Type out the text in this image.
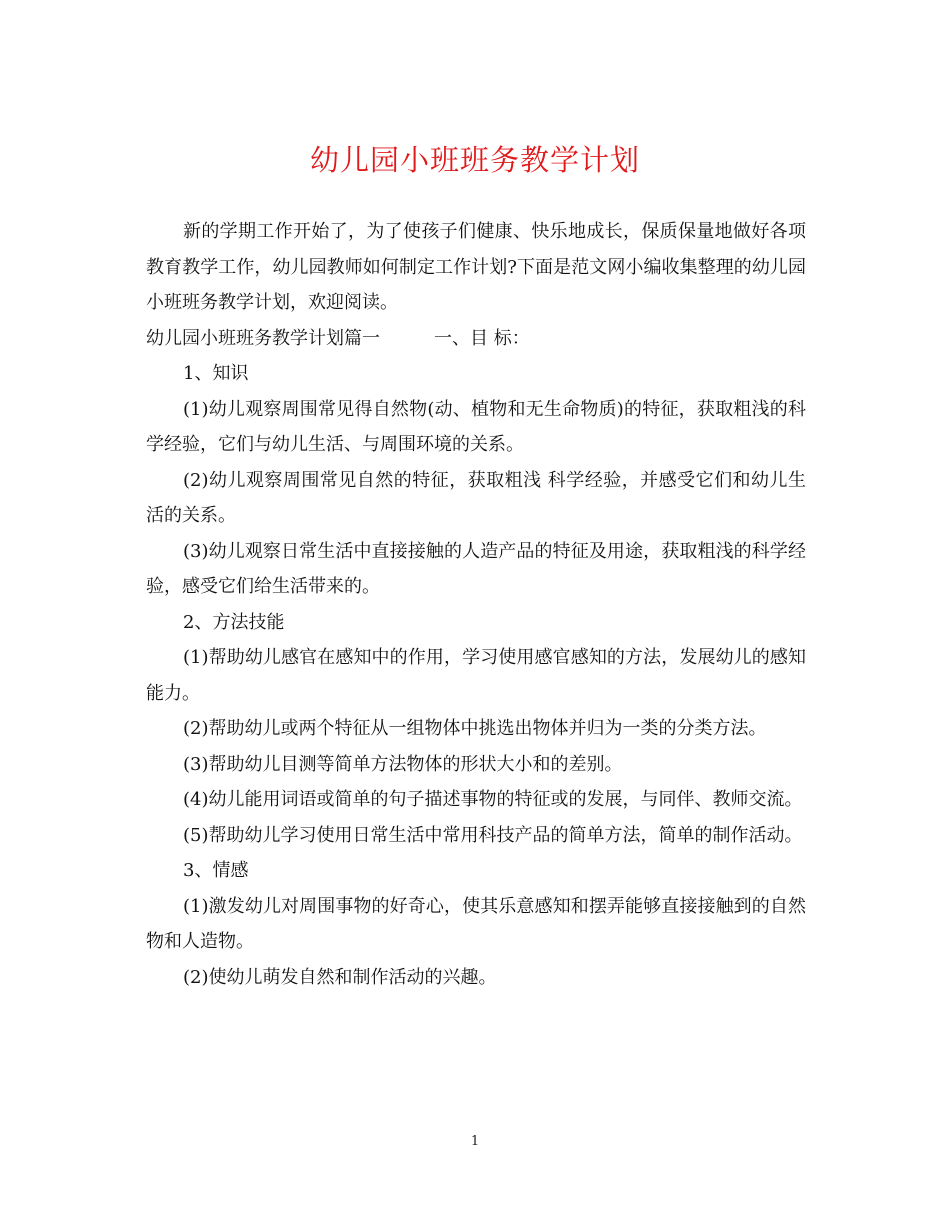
幼儿园小班班务教学计划

新的学期工作开始了，为了使孩子们健康、快乐地成长，保质保量地做好各项教育教学工作，幼儿园教师如何制定工作计划?下面是范文网小编收集整理的幼儿园小班班务教学计划，欢迎阅读。

幼儿园小班班务教学计划篇一　　　一、目 标：

1、知识

(1)幼儿观察周围常见得自然物(动、植物和无生命物质)的特征，获取粗浅的科学经验，它们与幼儿生活、与周围环境的关系。

(2)幼儿观察周围常见自然的特征，获取粗浅 科学经验，并感受它们和幼儿生活的关系。

(3)幼儿观察日常生活中直接接触的人造产品的特征及用途，获取粗浅的科学经验，感受它们给生活带来的。

2、方法技能

(1)帮助幼儿感官在感知中的作用，学习使用感官感知的方法，发展幼儿的感知能力。

(2)帮助幼儿或两个特征从一组物体中挑选出物体并归为一类的分类方法。

(3)帮助幼儿目测等简单方法物体的形状大小和的差别。

(4)幼儿能用词语或简单的句子描述事物的特征或的发展，与同伴、教师交流。

(5)帮助幼儿学习使用日常生活中常用科技产品的简单方法，简单的制作活动。

3、情感

(1)激发幼儿对周围事物的好奇心，使其乐意感知和摆弄能够直接接触到的自然物和人造物。

(2)使幼儿萌发自然和制作活动的兴趣。

1
